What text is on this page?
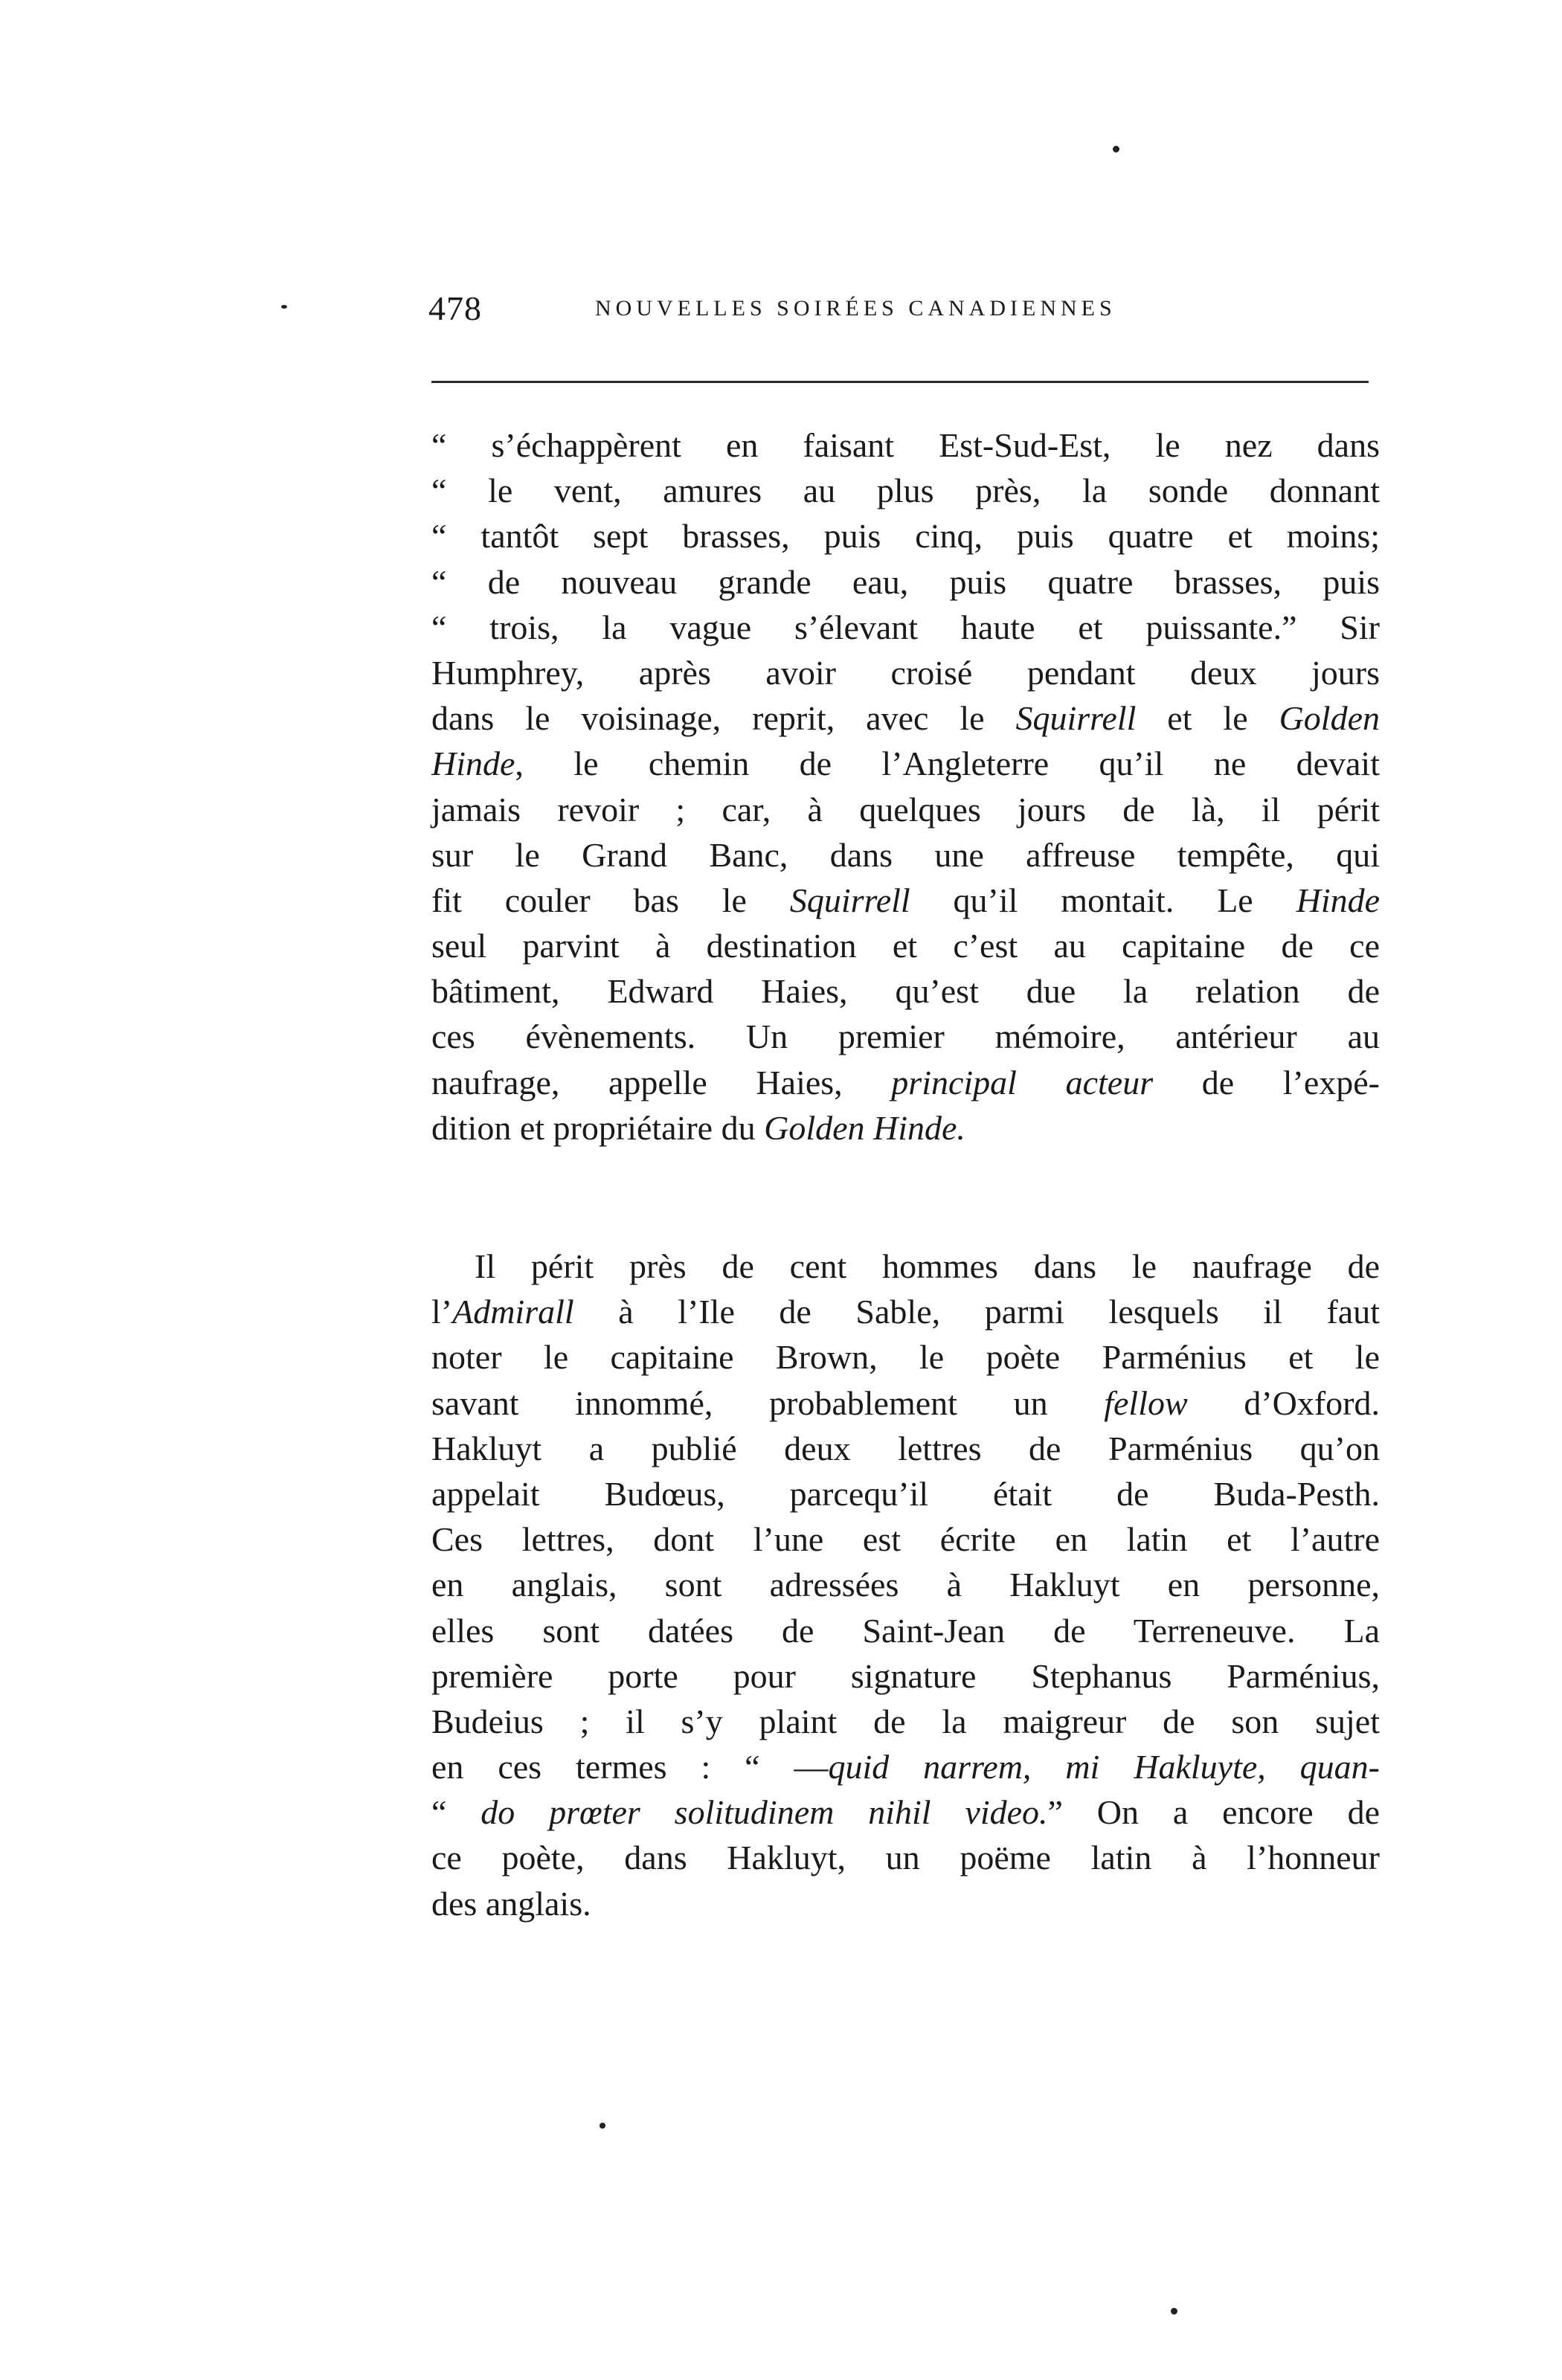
478	NOUVELLES SOIRÉES CANADIENNES
“ s’échappèrent en faisant Est-Sud-Est, le nez dans
“ le vent, amures au plus près, la sonde donnant
“ tantôt sept brasses, puis cinq, puis quatre et moins;
“ de nouveau grande eau, puis quatre brasses, puis
“ trois, la vague s’élevant haute et puissante.” Sir
Humphrey, après avoir croisé pendant deux jours
dans le voisinage, reprit, avec le Squirrell et le Golden
Hinde, le chemin de l’Angleterre qu’il ne devait
jamais revoir ; car, à quelques jours de là, il périt
sur le Grand Banc, dans une affreuse tempête, qui
fit couler bas le Squirrell qu’il montait. Le Hinde
seul parvint à destination et c’est au capitaine de ce
bâtiment, Edward Haies, qu’est due la relation de
ces évènements. Un premier mémoire, antérieur au
naufrage, appelle Haies, principal acteur de l’expé-
dition et propriétaire du Golden Hinde.
Il périt près de cent hommes dans le naufrage de
l’Admirall à l’Ile de Sable, parmi lesquels il faut
noter le capitaine Brown, le poète Parménius et le
savant innommé, probablement un fellow d’Oxford.
Hakluyt a publié deux lettres de Parménius qu’on
appelait Budœus, parcequ’il était de Buda-Pesth.
Ces lettres, dont l’une est écrite en latin et l’autre
en anglais, sont adressées à Hakluyt en personne,
elles sont datées de Saint-Jean de Terreneuve. La
première porte pour signature Stephanus Parménius,
Budeius ; il s’y plaint de la maigreur de son sujet
en ces termes : “ —quid narrem, mi Hakluyte, quan-
“ do prœter solitudinem nihil video.” On a encore de
ce poète, dans Hakluyt, un poëme latin à l’honneur
des anglais.
